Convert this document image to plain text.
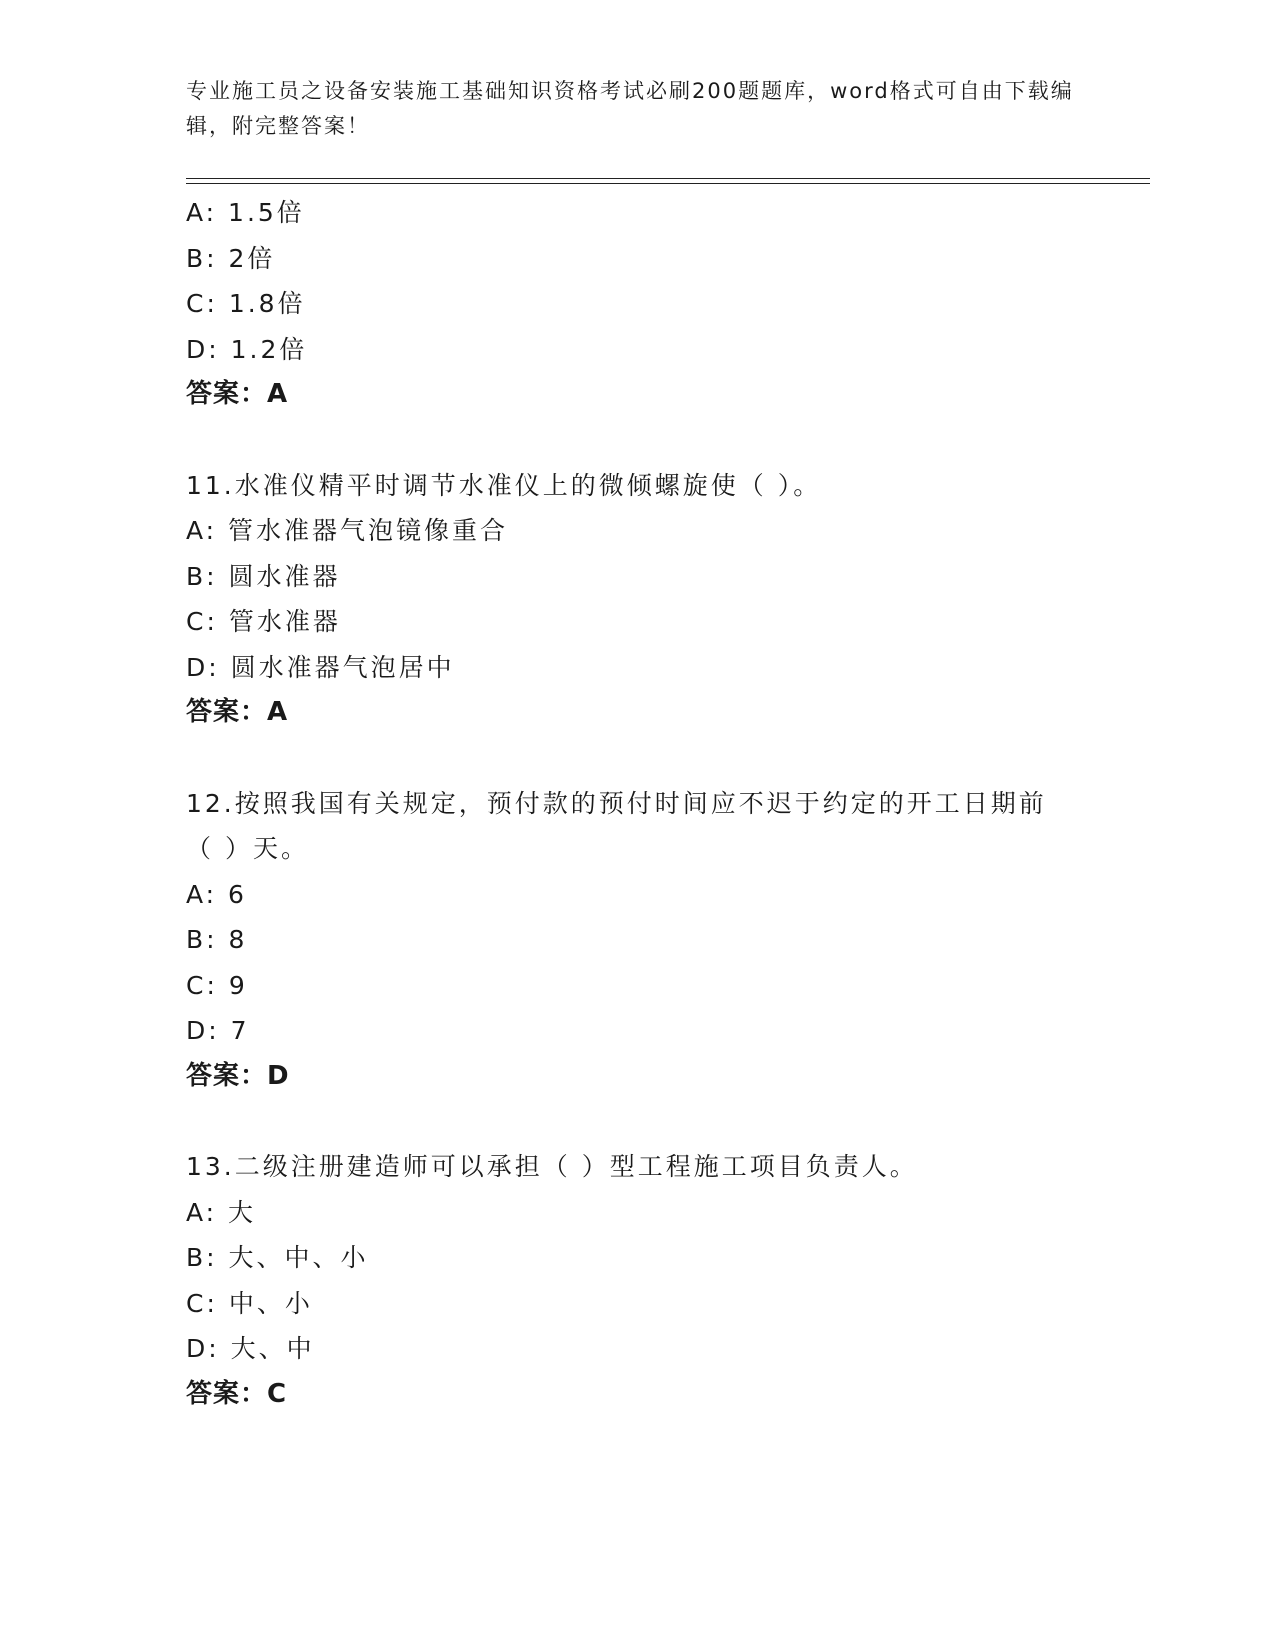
专业施工员之设备安装施工基础知识资格考试必刷200题题库，word格式可自由下载编辑，附完整答案！
A: 1.5倍
B: 2倍
C: 1.8倍
D: 1.2倍
答案：A
11.水准仪精平时调节水准仪上的微倾螺旋使（ ）。
A: 管水准器气泡镜像重合
B: 圆水准器
C: 管水准器
D: 圆水准器气泡居中
答案：A
12.按照我国有关规定，预付款的预付时间应不迟于约定的开工日期前（ ）天。
A: 6
B: 8
C: 9
D: 7
答案：D
13.二级注册建造师可以承担（ ）型工程施工项目负责人。
A: 大
B: 大、中、小
C: 中、小
D: 大、中
答案：C
